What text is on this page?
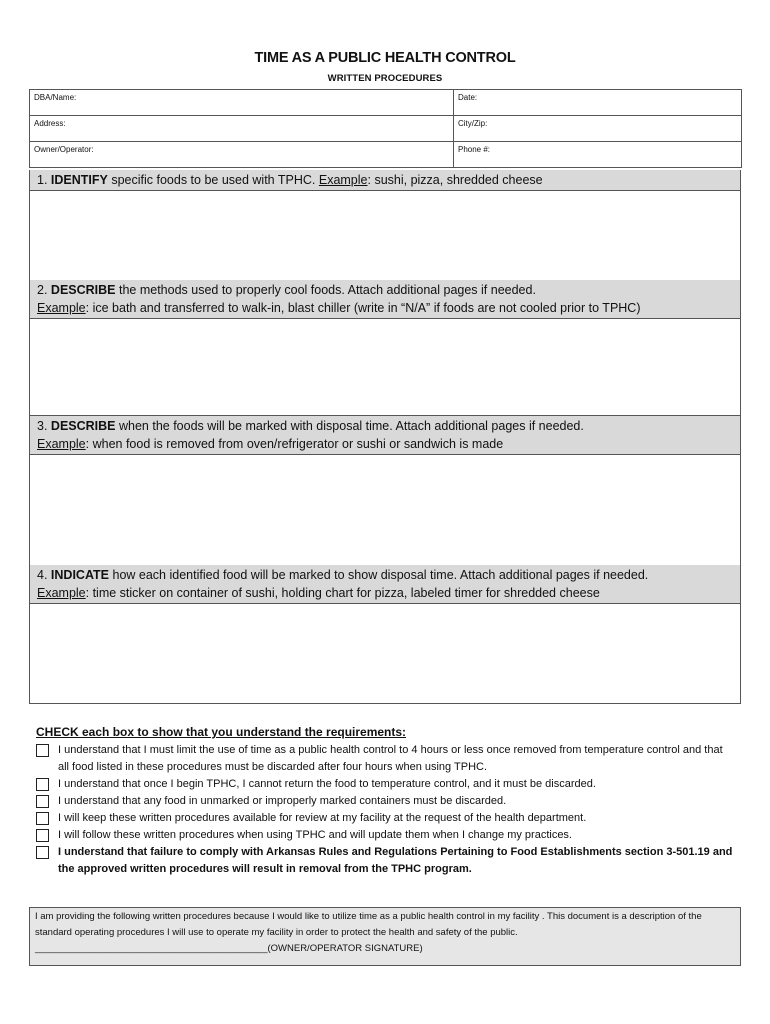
TIME AS A PUBLIC HEALTH CONTROL
WRITTEN PROCEDURES
DBA/Name:	Date:
Address:	City/Zip:
Owner/Operator:	Phone #:
1. IDENTIFY specific foods to be used with TPHC. Example: sushi, pizza, shredded cheese
2. DESCRIBE the methods used to properly cool foods. Attach additional pages if needed.
Example: ice bath and transferred to walk-in, blast chiller (write in “N/A” if foods are not cooled prior to TPHC)
3. DESCRIBE when the foods will be marked with disposal time. Attach additional pages if needed.
Example: when food is removed from oven/refrigerator or sushi or sandwich is made
4. INDICATE how each identified food will be marked to show disposal time. Attach additional pages if needed.
Example: time sticker on container of sushi, holding chart for pizza, labeled timer for shredded cheese
CHECK each box to show that you understand the requirements:
I understand that I must limit the use of time as a public health control to 4 hours or less once removed from temperature control and that all food listed in these procedures must be discarded after four hours when using TPHC.
I understand that once I begin TPHC, I cannot return the food to temperature control, and it must be discarded.
I understand that any food in unmarked or improperly marked containers must be discarded.
I will keep these written procedures available for review at my facility at the request of the health department.
I will follow these written procedures when using TPHC and will update them when I change my practices.
I understand that failure to comply with Arkansas Rules and Regulations Pertaining to Food Establishments section 3-501.19 and the approved written procedures will result in removal from the TPHC program.
I am providing the following written procedures because I would like to utilize time as a public health control in my facility . This document is a description of the standard operating procedures I will use to operate my facility in order to protect the health and safety of the public. ____________________________________________(OWNER/OPERATOR SIGNATURE)
